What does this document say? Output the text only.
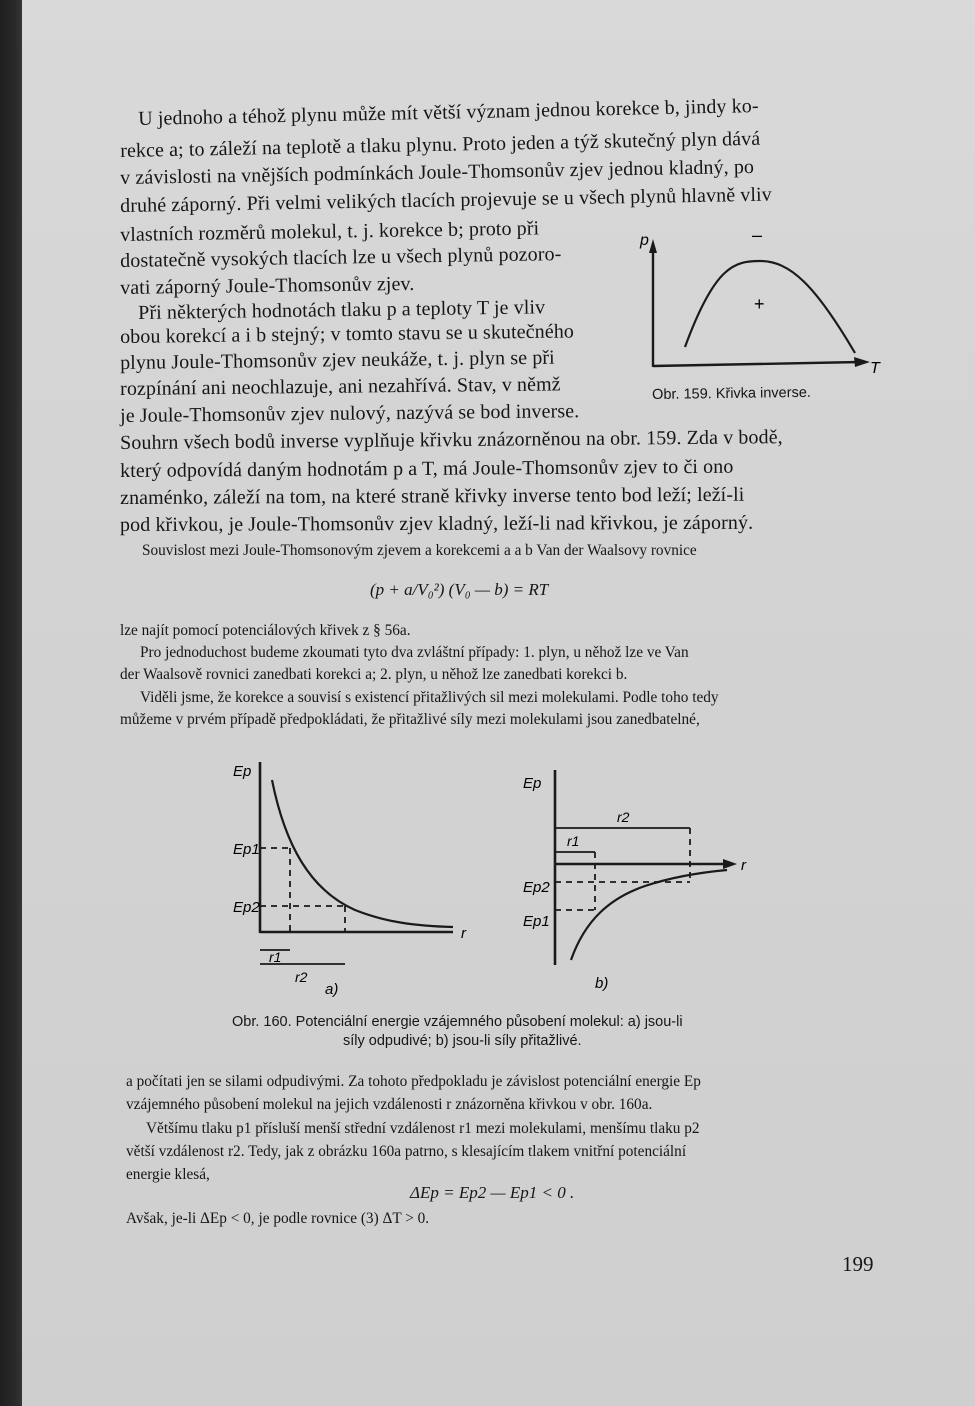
U jednoho a téhož plynu může mít větší význam jednou korekce b, jindy ko-
rekce a; to záleží na teplotě a tlaku plynu. Proto jeden a týž skutečný plyn dává
v závislosti na vnějších podmínkách Joule-Thomsonův zjev jednou kladný, po
druhé záporný. Při velmi velikých tlacích projevuje se u všech plynů hlavně vliv
vlastních rozměrů molekul, t. j. korekce b; proto při
dostatečně vysokých tlacích lze u všech plynů pozoro-
vati záporný Joule-Thomsonův zjev.
Při některých hodnotách tlaku p a teploty T je vliv
obou korekcí a i b stejný; v tomto stavu se u skutečného
plynu Joule-Thomsonův zjev neukáže, t. j. plyn se při
rozpínání ani neochlazuje, ani nezahřívá. Stav, v němž
je Joule-Thomsonův zjev nulový, nazývá se bod inverse.
Souhrn všech bodů inverse vyplňuje křivku znázorněnou na obr. 159. Zda v bodě,
který odpovídá daným hodnotám p a T, má Joule-Thomsonův zjev to či ono
znaménko, záleží na tom, na které straně křivky inverse tento bod leží; leží-li
pod křivkou, je Joule-Thomsonův zjev kladný, leží-li nad křivkou, je záporný.
p
T
–
+
Obr. 159. Křivka inverse.
Souvislost mezi Joule-Thomsonovým zjevem a korekcemi a a b Van der Waalsovy rovnice
(p + a/V₀²) (V₀ — b) = RT
lze najít pomocí potenciálových křivek z § 56a.
Pro jednoduchost budeme zkoumati tyto dva zvláštní případy: 1. plyn, u něhož lze ve Van
der Waalsově rovnici zanedbati korekci a; 2. plyn, u něhož lze zanedbati korekci b.
Viděli jsme, že korekce a souvisí s existencí přitažlivých sil mezi molekulami. Podle toho tedy
můžeme v prvém případě předpokládati, že přitažlivé síly mezi molekulami jsou zanedbatelné,
Ep
Ep1
Ep2
r
r1
r2
a)
Ep
Ep2
Ep1
r
r1
r2
b)
Obr. 160. Potenciální energie vzájemného působení molekul: a) jsou-li
síly odpudivé; b) jsou-li síly přitažlivé.
a počítati jen se silami odpudivými. Za tohoto předpokladu je závislost potenciální energie Ep
vzájemného působení molekul na jejich vzdálenosti r znázorněna křivkou v obr. 160a.
Většímu tlaku p1 přísluší menší střední vzdálenost r1 mezi molekulami, menšímu tlaku p2
větší vzdálenost r2. Tedy, jak z obrázku 160a patrno, s klesajícím tlakem vnitřní potenciální
energie klesá,
ΔEp = Ep2 — Ep1 < 0 .
Avšak, je-li ΔEp < 0, je podle rovnice (3) ΔT > 0.
199
